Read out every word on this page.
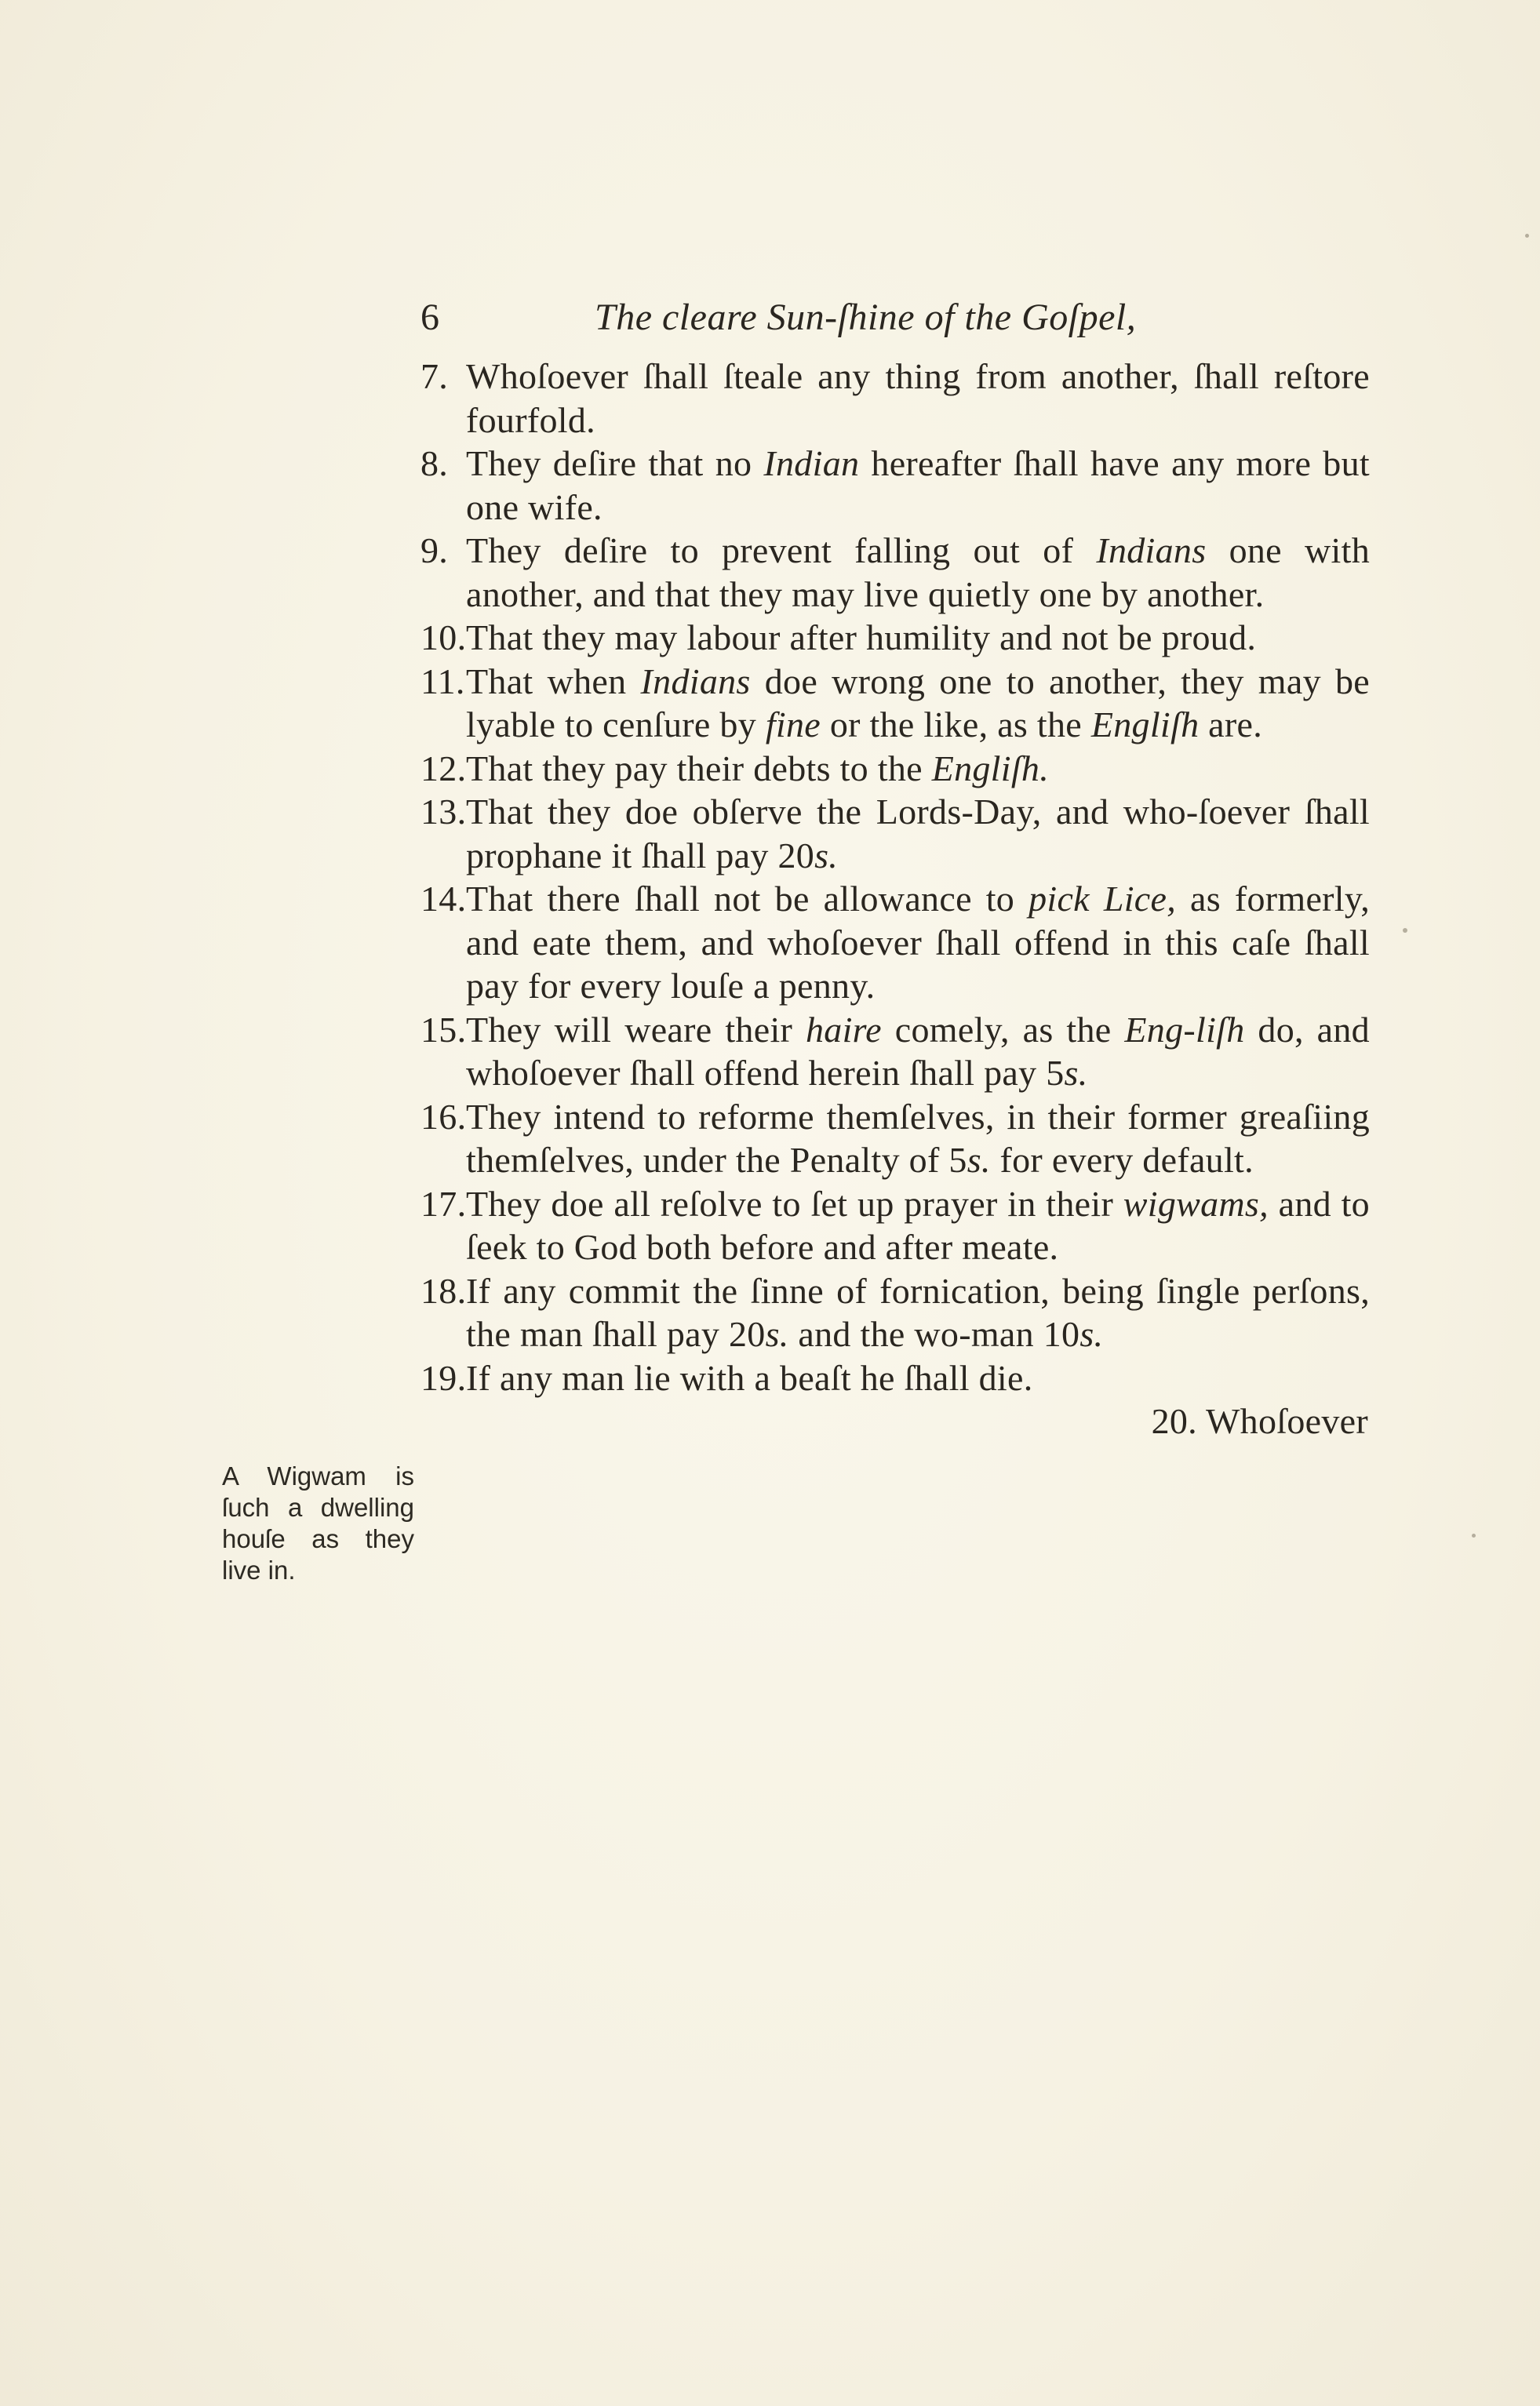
6	The cleare Sun-ſhine of the Goſpel,
7. Whoſoever ſhall ſteale any thing from another, ſhall reſtore fourfold.
8. They deſire that no Indian hereafter ſhall have any more but one wife.
9. They deſire to prevent falling out of Indians one with another, and that they may live quietly one by another.
10. That they may labour after humility and not be proud.
11. That when Indians doe wrong one to another, they may be lyable to cenſure by fine or the like, as the Engliſh are.
12. That they pay their debts to the Engliſh.
13. That they doe obſerve the Lords-Day, and who-ſoever ſhall prophane it ſhall pay 20s.
14. That there ſhall not be allowance to pick Lice, as formerly, and eate them, and whoſoever ſhall offend in this caſe ſhall pay for every louſe a penny.
15. They will weare their haire comely, as the Eng-liſh do, and whoſoever ſhall offend herein ſhall pay 5s.
16. They intend to reforme themſelves, in their former greaſiing themſelves, under the Penalty of 5s. for every default.
17. They doe all reſolve to ſet up prayer in their wigwams, and to ſeek to God both before and after meate.
18. If any commit the ſinne of fornication, being ſingle perſons, the man ſhall pay 20s. and the wo-man 10s.
19. If any man lie with a beaſt he ſhall die.
20. Whoſoever
A Wigwam is ſuch a dwelling houſe as they live in.
